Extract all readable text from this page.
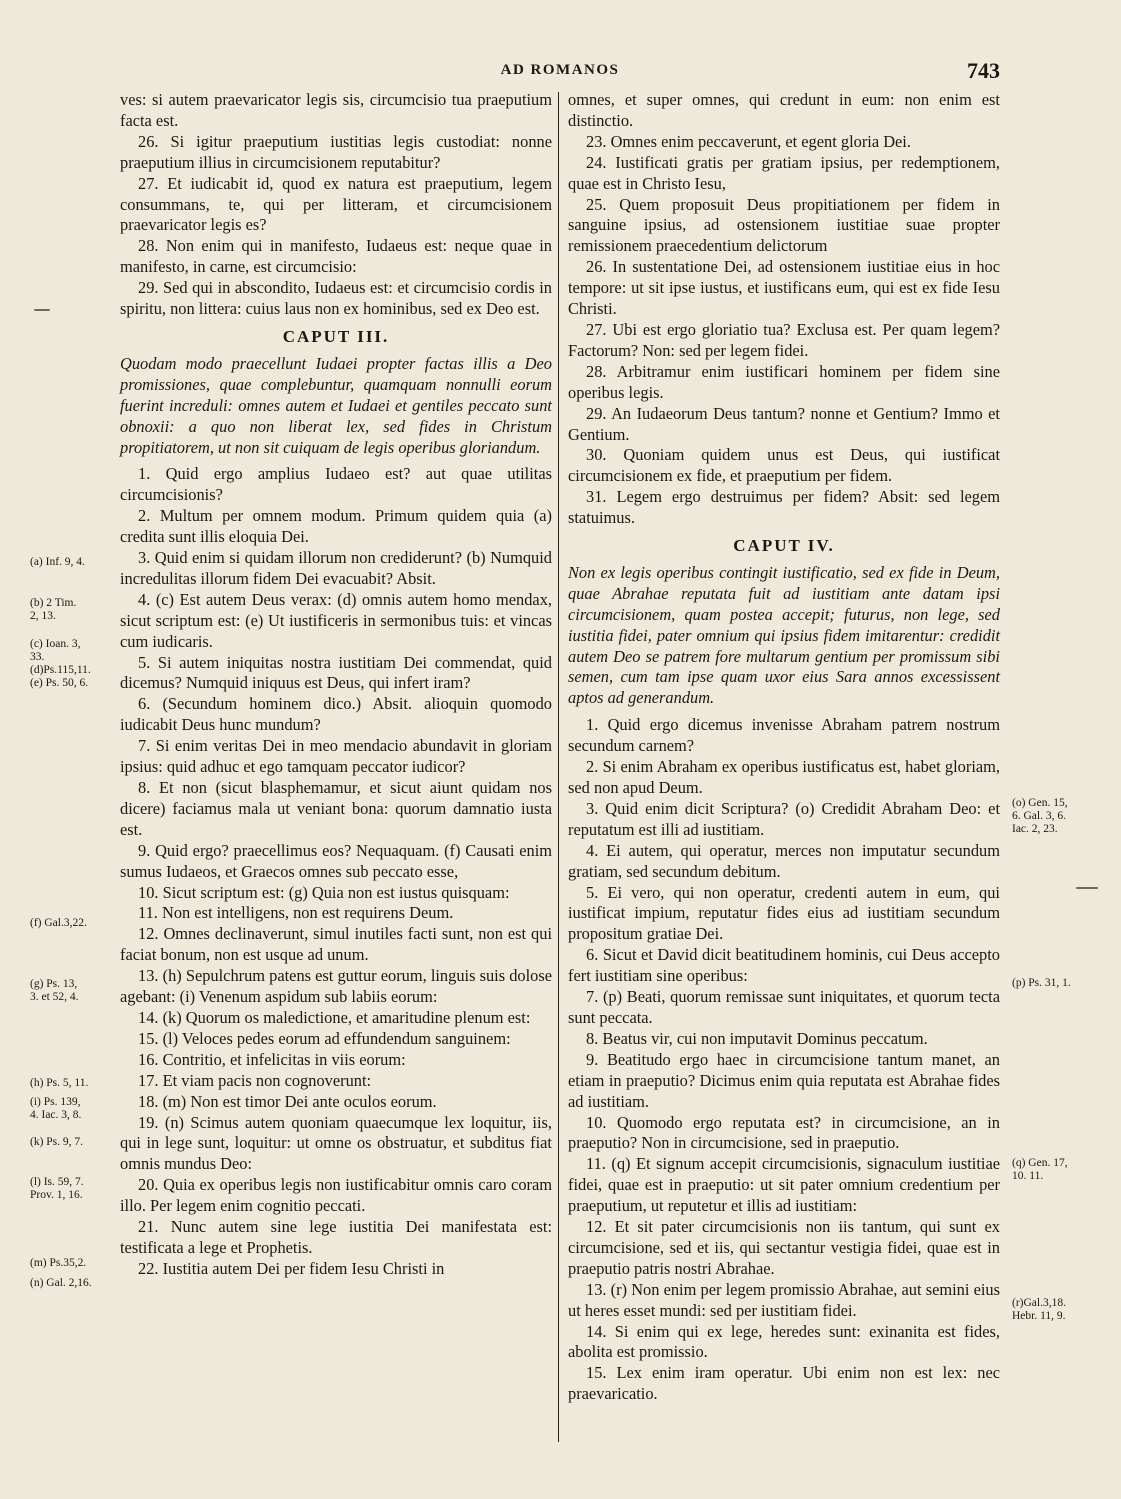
AD ROMANOS	743

ves: si autem praevaricator legis sis, circumcisio tua praeputium facta est.

26. Si igitur praeputium iustitias legis custodiat: nonne praeputium illius in circumcisionem reputabitur?

27. Et iudicabit id, quod ex natura est praeputium, legem consummans, te, qui per litteram, et circumcisionem praevaricator legis es?

28. Non enim qui in manifesto, Iudaeus est: neque quae in manifesto, in carne, est circumcisio:

29. Sed qui in abscondito, Iudaeus est: et circumcisio cordis in spiritu, non littera: cuius laus non ex hominibus, sed ex Deo est.

CAPUT III.

Quodam modo praecellunt Iudaei propter factas illis a Deo promissiones, quae complebuntur, quamquam nonnulli eorum fuerint increduli: omnes autem et Iudaei et gentiles peccato sunt obnoxii: a quo non liberat lex, sed fides in Christum propitiatorem, ut non sit cuiquam de legis operibus gloriandum.

1. Quid ergo amplius Iudaeo est? aut quae utilitas circumcisionis?

2. Multum per omnem modum. Primum quidem quia (a) credita sunt illis eloquia Dei.

3. Quid enim si quidam illorum non crediderunt? (b) Numquid incredulitas illorum fidem Dei evacuabit? Absit.

4. (c) Est autem Deus verax: (d) omnis autem homo mendax, sicut scriptum est: (e) Ut iustificeris in sermonibus tuis: et vincas cum iudicaris.

5. Si autem iniquitas nostra iustitiam Dei commendat, quid dicemus? Numquid iniquus est Deus, qui infert iram?

6. (Secundum hominem dico.) Absit. alioquin quomodo iudicabit Deus hunc mundum?

7. Si enim veritas Dei in meo mendacio abundavit in gloriam ipsius: quid adhuc et ego tamquam peccator iudicor?

8. Et non (sicut blasphemamur, et sicut aiunt quidam nos dicere) faciamus mala ut veniant bona: quorum damnatio iusta est.

9. Quid ergo? praecellimus eos? Nequaquam. (f) Causati enim sumus Iudaeos, et Graecos omnes sub peccato esse,

10. Sicut scriptum est: (g) Quia non est iustus quisquam:

11. Non est intelligens, non est requirens Deum.

12. Omnes declinaverunt, simul inutiles facti sunt, non est qui faciat bonum, non est usque ad unum.

13. (h) Sepulchrum patens est guttur eorum, linguis suis dolose agebant: (i) Venenum aspidum sub labiis eorum:

14. (k) Quorum os maledictione, et amaritudine plenum est:

15. (l) Veloces pedes eorum ad effundendum sanguinem:

16. Contritio, et infelicitas in viis eorum:

17. Et viam pacis non cognoverunt:

18. (m) Non est timor Dei ante oculos eorum.

19. (n) Scimus autem quoniam quaecumque lex loquitur, iis, qui in lege sunt, loquitur: ut omne os obstruatur, et subditus fiat omnis mundus Deo:

20. Quia ex operibus legis non iustificabitur omnis caro coram illo. Per legem enim cognitio peccati.

21. Nunc autem sine lege iustitia Dei manifestata est: testificata a lege et Prophetis.

22. Iustitia autem Dei per fidem Iesu Christi in

omnes, et super omnes, qui credunt in eum: non enim est distinctio.

23. Omnes enim peccaverunt, et egent gloria Dei.

24. Iustificati gratis per gratiam ipsius, per redemptionem, quae est in Christo Iesu,

25. Quem proposuit Deus propitiationem per fidem in sanguine ipsius, ad ostensionem iustitiae suae propter remissionem praecedentium delictorum

26. In sustentatione Dei, ad ostensionem iustitiae eius in hoc tempore: ut sit ipse iustus, et iustificans eum, qui est ex fide Iesu Christi.

27. Ubi est ergo gloriatio tua? Exclusa est. Per quam legem? Factorum? Non: sed per legem fidei.

28. Arbitramur enim iustificari hominem per fidem sine operibus legis.

29. An Iudaeorum Deus tantum? nonne et Gentium? Immo et Gentium.

30. Quoniam quidem unus est Deus, qui iustificat circumcisionem ex fide, et praeputium per fidem.

31. Legem ergo destruimus per fidem? Absit: sed legem statuimus.

CAPUT IV.

Non ex legis operibus contingit iustificatio, sed ex fide in Deum, quae Abrahae reputata fuit ad iustitiam ante datam ipsi circumcisionem, quam postea accepit; futurus, non lege, sed iustitia fidei, pater omnium qui ipsius fidem imitarentur: credidit autem Deo se patrem fore multarum gentium per promissum sibi semen, cum tam ipse quam uxor eius Sara annos excessissent aptos ad generandum.

1. Quid ergo dicemus invenisse Abraham patrem nostrum secundum carnem?

2. Si enim Abraham ex operibus iustificatus est, habet gloriam, sed non apud Deum.

3. Quid enim dicit Scriptura? (o) Credidit Abraham Deo: et reputatum est illi ad iustitiam.

4. Ei autem, qui operatur, merces non imputatur secundum gratiam, sed secundum debitum.

5. Ei vero, qui non operatur, credenti autem in eum, qui iustificat impium, reputatur fides eius ad iustitiam secundum propositum gratiae Dei.

6. Sicut et David dicit beatitudinem hominis, cui Deus accepto fert iustitiam sine operibus:

7. (p) Beati, quorum remissae sunt iniquitates, et quorum tecta sunt peccata.

8. Beatus vir, cui non imputavit Dominus peccatum.

9. Beatitudo ergo haec in circumcisione tantum manet, an etiam in praeputio? Dicimus enim quia reputata est Abrahae fides ad iustitiam.

10. Quomodo ergo reputata est? in circumcisione, an in praeputio? Non in circumcisione, sed in praeputio.

11. (q) Et signum accepit circumcisionis, signaculum iustitiae fidei, quae est in praeputio: ut sit pater omnium credentium per praeputium, ut reputetur et illis ad iustitiam:

12. Et sit pater circumcisionis non iis tantum, qui sunt ex circumcisione, sed et iis, qui sectantur vestigia fidei, quae est in praeputio patris nostri Abrahae.

13. (r) Non enim per legem promissio Abrahae, aut semini eius ut heres esset mundi: sed per iustitiam fidei.

14. Si enim qui ex lege, heredes sunt: exinanita est fides, abolita est promissio.

15. Lex enim iram operatur. Ubi enim non est lex: nec praevaricatio.

(a) Inf. 9, 4.
(b) 2 Tim.
2, 13.
(c) Ioan. 3,
33.
(d)Ps.115,11.
(e) Ps. 50, 6.
(f) Gal.3,22.
(g) Ps. 13,
3. et 52, 4.
(h) Ps. 5, 11.
(i) Ps. 139,
4. Iac. 3, 8.
(k) Ps. 9, 7.
(l) Is. 59, 7.
Prov. 1, 16.
(m) Ps.35,2.
(n) Gal. 2,16.
(o) Gen. 15,
6. Gal. 3, 6.
Iac. 2, 23.
(p) Ps. 31, 1.
(q) Gen. 17,
10. 11.
(r)Gal.3,18.
Hebr. 11, 9.
